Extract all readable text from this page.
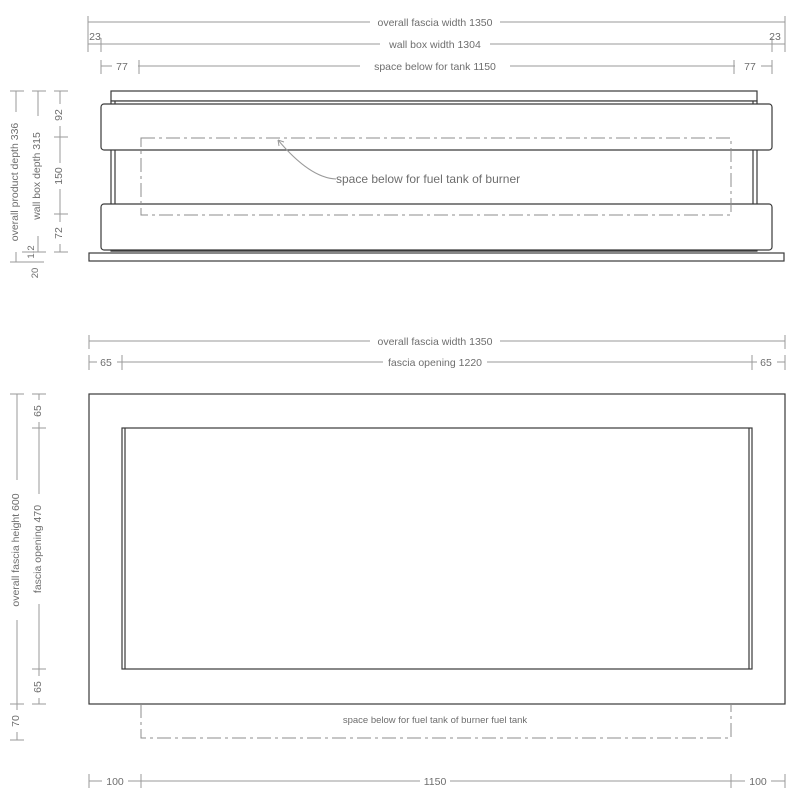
overall fascia width 1350
wall box width 1304
23	23
77	77
space below for tank 1150
space below for fuel tank of burner
overall product depth 336 wall box depth 315
92
150
72
1.2
20
overall fascia width 1350
65	65
fascia opening 1220
space below for fuel tank of burner fuel tank
overall fascia height 600
65
fascia opening 470
65
70
100	1150	100
